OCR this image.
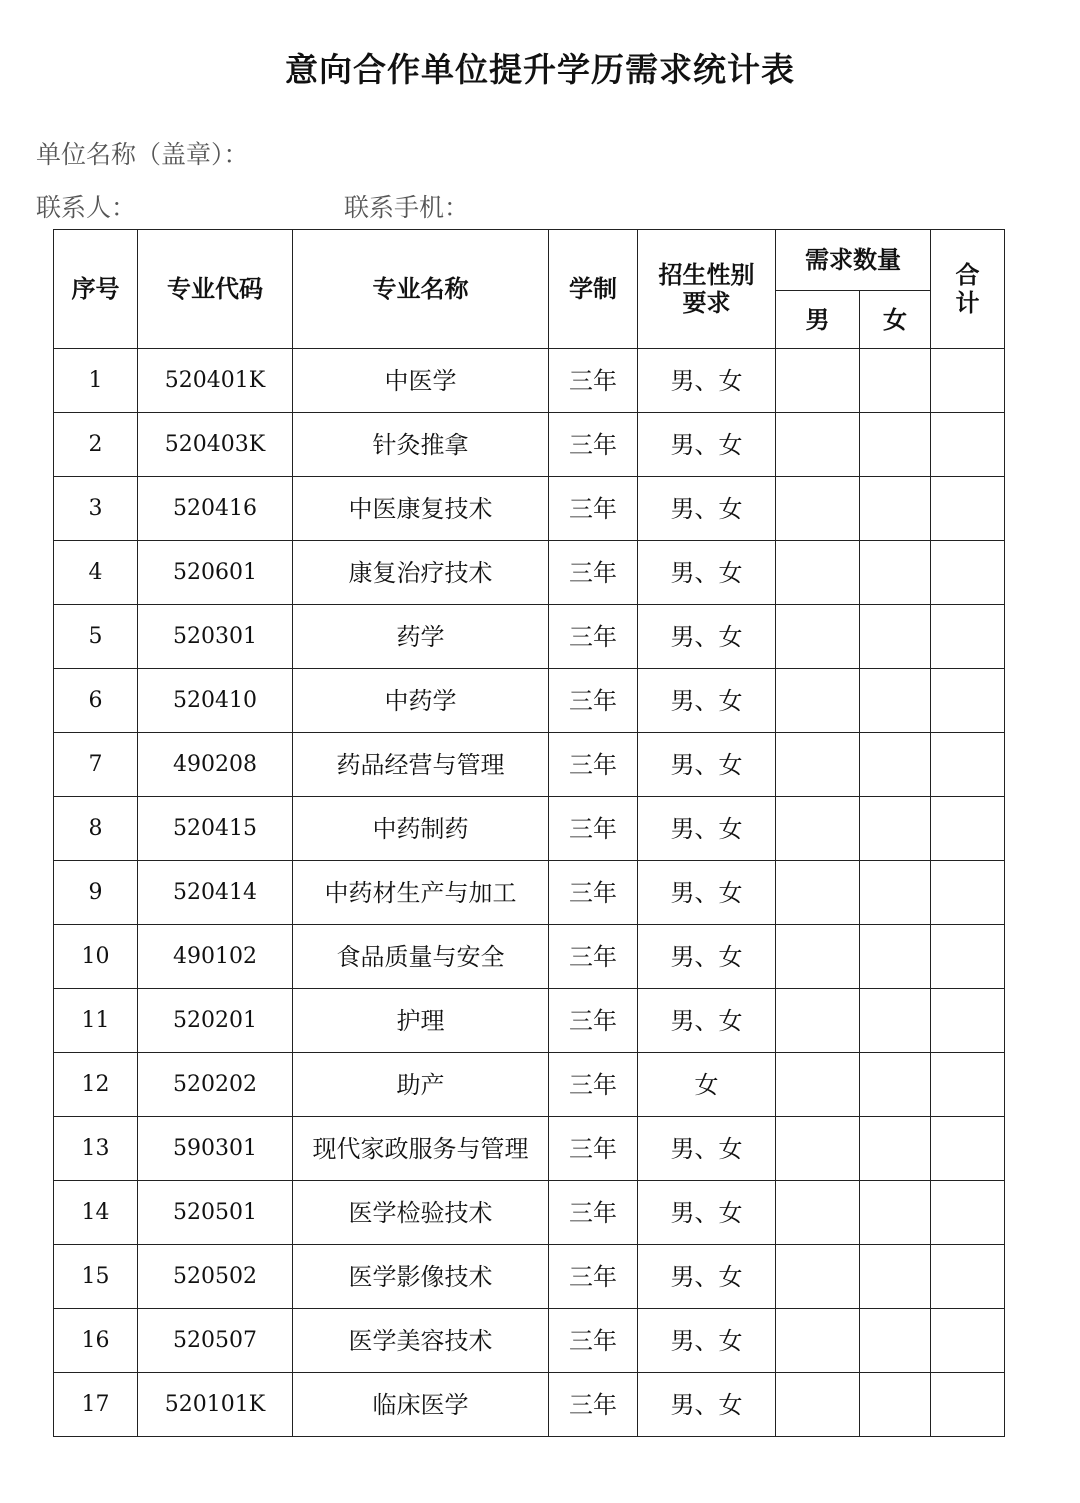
意向合作单位提升学历需求统计表
单位名称（盖章）：
联系人：	联系手机：
序号	专业代码	专业名称	学制	招生性别要求	需求数量		合计
					男	女	
1	520401K	中医学	三年	男、女			
2	520403K	针灸推拿	三年	男、女			
3	520416	中医康复技术	三年	男、女			
4	520601	康复治疗技术	三年	男、女			
5	520301	药学	三年	男、女			
6	520410	中药学	三年	男、女			
7	490208	药品经营与管理	三年	男、女			
8	520415	中药制药	三年	男、女			
9	520414	中药材生产与加工	三年	男、女			
10	490102	食品质量与安全	三年	男、女			
11	520201	护理	三年	男、女			
12	520202	助产	三年	女			
13	590301	现代家政服务与管理	三年	男、女			
14	520501	医学检验技术	三年	男、女			
15	520502	医学影像技术	三年	男、女			
16	520507	医学美容技术	三年	男、女			
17	520101K	临床医学	三年	男、女			
